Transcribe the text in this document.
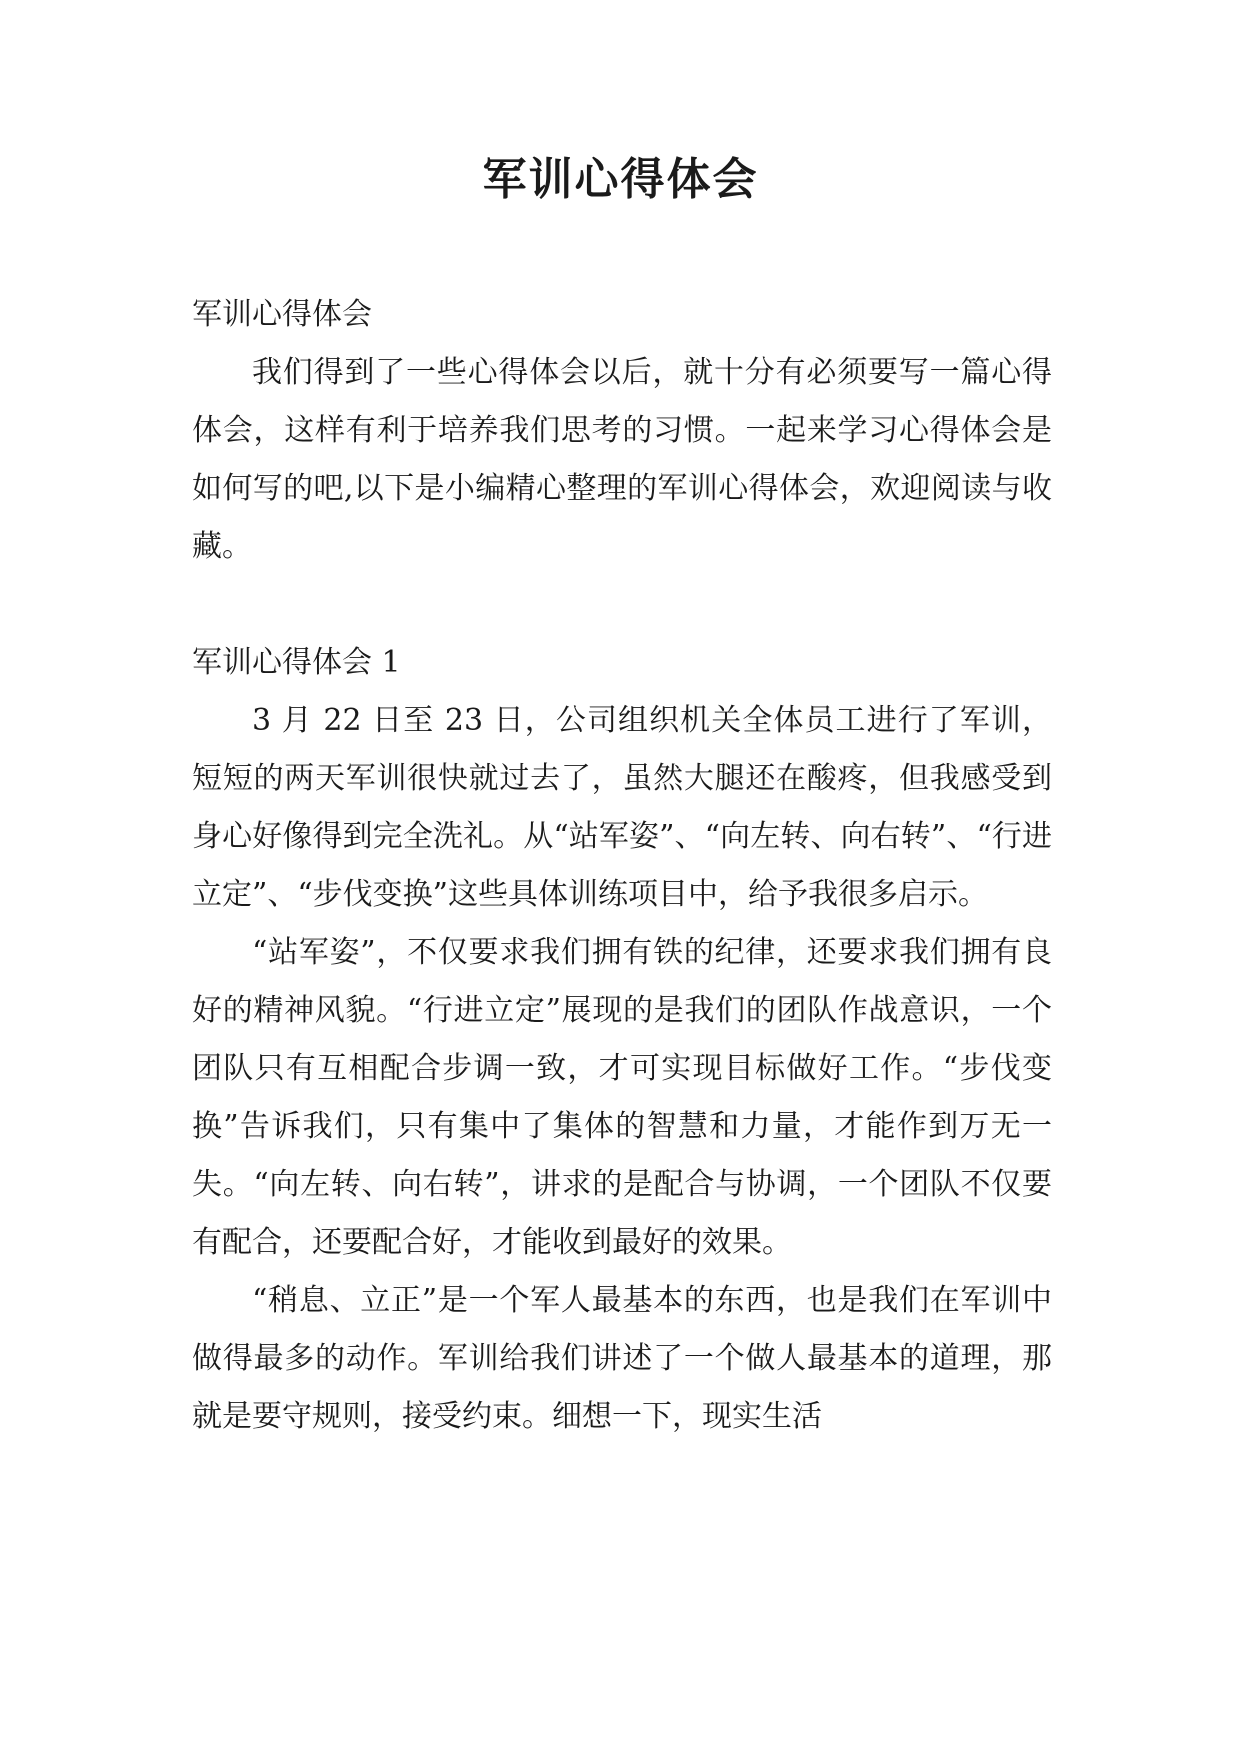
军训心得体会

军训心得体会

我们得到了一些心得体会以后，就十分有必须要写一篇心得体会，这样有利于培养我们思考的习惯。一起来学习心得体会是如何写的吧,以下是小编精心整理的军训心得体会，欢迎阅读与收藏。

军训心得体会 1

3 月 22 日至 23 日，公司组织机关全体员工进行了军训，短短的两天军训很快就过去了，虽然大腿还在酸疼，但我感受到身心好像得到完全洗礼。从“站军姿”、“向左转、向右转”、“行进立定”、“步伐变换”这些具体训练项目中，给予我很多启示。

“站军姿”，不仅要求我们拥有铁的纪律，还要求我们拥有良好的精神风貌。“行进立定”展现的是我们的团队作战意识，一个团队只有互相配合步调一致，才可实现目标做好工作。“步伐变换”告诉我们，只有集中了集体的智慧和力量，才能作到万无一失。“向左转、向右转”，讲求的是配合与协调，一个团队不仅要有配合，还要配合好，才能收到最好的效果。

“稍息、立正”是一个军人最基本的东西，也是我们在军训中做得最多的动作。军训给我们讲述了一个做人最基本的道理，那就是要守规则，接受约束。细想一下，现实生活
